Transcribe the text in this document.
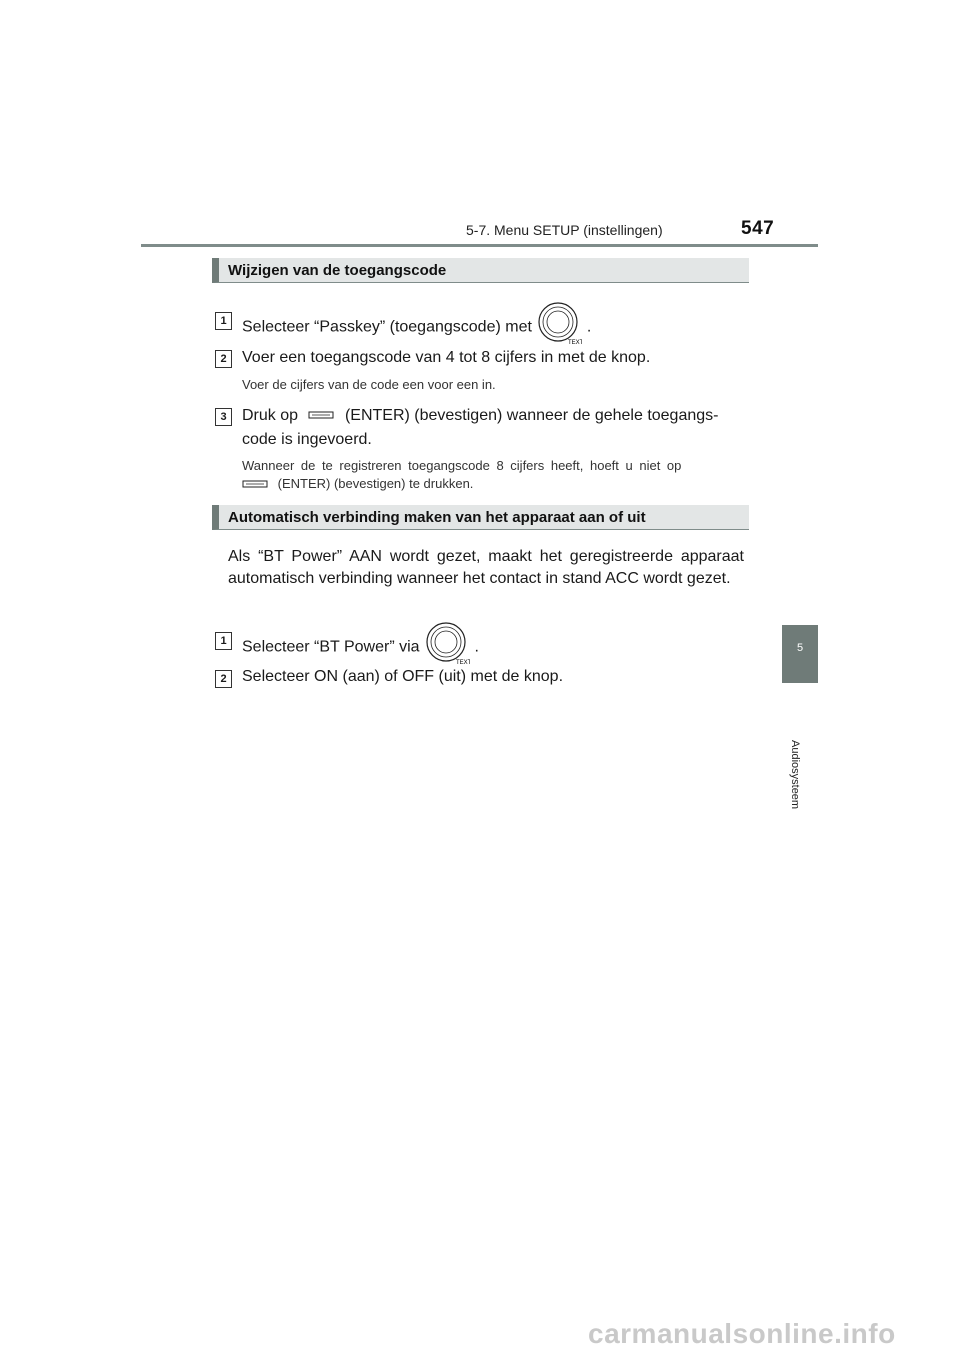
5-7. Menu SETUP (instellingen)	547
5
Audiosysteem
Wijzigen van de toegangscode
1 Selecteer “Passkey” (toegangscode) met
TEXT
.
2 Voer een toegangscode van 4 tot 8 cijfers in met de knop.
Voer de cijfers van de code een voor een in.
3 Druk op	(ENTER) (bevestigen) wanneer de gehele toegangs-
code is ingevoerd.
Wanneer de te registreren toegangscode 8 cijfers heeft, hoeft u niet op
(ENTER) (bevestigen) te drukken.
Automatisch verbinding maken van het apparaat aan of uit
Als “BT Power” AAN wordt gezet, maakt het geregistreerde apparaat automatisch verbinding wanneer het contact in stand ACC wordt gezet.
1 Selecteer “BT Power” via
TEXT
.
2 Selecteer ON (aan) of OFF (uit) met de knop.
carmanualsonline.info
